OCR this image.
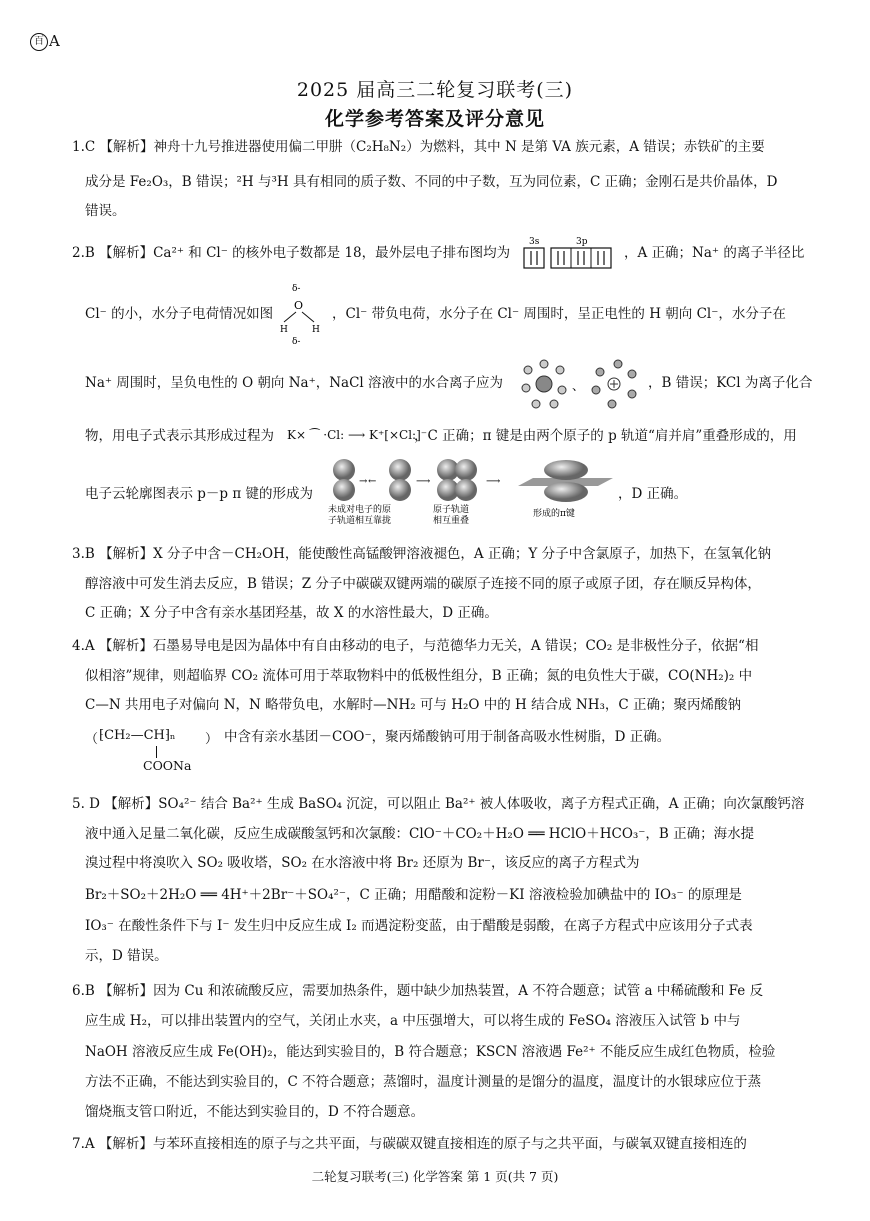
百 A
2025 届高三二轮复习联考(三)
化学参考答案及评分意见
1.C 【解析】神舟十九号推进器使用偏二甲肼（C₂H₈N₂）为燃料，其中 N 是第 VA 族元素，A 错误；赤铁矿的主要
成分是 Fe₂O₃，B 错误；²H 与³H 具有相同的质子数、不同的中子数，互为同位素，C 正确；金刚石是共价晶体，D
错误。
2.B 【解析】Ca²⁺ 和 Cl⁻ 的核外电子数都是 18，最外层电子排布图均为
3s	3p
，A 正确；Na⁺ 的离子半径比
Cl⁻ 的小，水分子电荷情况如图
δ-
O
H	H
δ-
，Cl⁻ 带负电荷，水分子在 Cl⁻ 周围时，呈正电性的 H 朝向 Cl⁻，水分子在
Na⁺ 周围时，呈负电性的 O 朝向 Na⁺，NaCl 溶液中的水合离子应为	、	，B 错误；KCl 为离子化合
物，用电子式表示其形成过程为	K× ⁀ ·Cl: ⟶ K⁺[×Cl:]⁻
，C 正确；π 键是由两个原子的 p 轨道“肩并肩”重叠形成的，用
电子云轮廓图表示 p－p π 键的形成为
→ ←	⟶	⟶
未成对电子的原
子轨道相互靠拢
原子轨道
相互重叠
形成的π键
，D 正确。
3.B 【解析】X 分子中含－CH₂OH，能使酸性高锰酸钾溶液褪色，A 正确；Y 分子中含氯原子，加热下，在氢氧化钠
醇溶液中可发生消去反应，B 错误；Z 分子中碳碳双键两端的碳原子连接不同的原子或原子团，存在顺反异构体，
C 正确；X 分子中含有亲水基团羟基，故 X 的水溶性最大，D 正确。
4.A 【解析】石墨易导电是因为晶体中有自由移动的电子，与范德华力无关，A 错误；CO₂ 是非极性分子，依据“相
似相溶”规律，则超临界 CO₂ 流体可用于萃取物料中的低极性组分，B 正确；氮的电负性大于碳，CO(NH₂)₂ 中
C—N 共用电子对偏向 N，N 略带负电，水解时—NH₂ 可与 H₂O 中的 H 结合成 NH₃，C 正确；聚丙烯酸钠
（ ⁅CH₂—CH⁆ₙ ）
COONa
中含有亲水基团－COO⁻，聚丙烯酸钠可用于制备高吸水性树脂，D 正确。
5. D 【解析】SO₄²⁻ 结合 Ba²⁺ 生成 BaSO₄ 沉淀，可以阻止 Ba²⁺ 被人体吸收，离子方程式正确，A 正确；向次氯酸钙溶
液中通入足量二氧化碳，反应生成碳酸氢钙和次氯酸：ClO⁻＋CO₂＋H₂O ══ HClO＋HCO₃⁻，B 正确；海水提
溴过程中将溴吹入 SO₂ 吸收塔，SO₂ 在水溶液中将 Br₂ 还原为 Br⁻，该反应的离子方程式为
Br₂＋SO₂＋2H₂O ══ 4H⁺＋2Br⁻＋SO₄²⁻，C 正确；用醋酸和淀粉－KI 溶液检验加碘盐中的 IO₃⁻ 的原理是
IO₃⁻ 在酸性条件下与 I⁻ 发生归中反应生成 I₂ 而遇淀粉变蓝，由于醋酸是弱酸，在离子方程式中应该用分子式表
示，D 错误。
6.B 【解析】因为 Cu 和浓硫酸反应，需要加热条件，题中缺少加热装置，A 不符合题意；试管 a 中稀硫酸和 Fe 反
应生成 H₂，可以排出装置内的空气，关闭止水夹，a 中压强增大，可以将生成的 FeSO₄ 溶液压入试管 b 中与
NaOH 溶液反应生成 Fe(OH)₂，能达到实验目的，B 符合题意；KSCN 溶液遇 Fe²⁺ 不能反应生成红色物质，检验
方法不正确，不能达到实验目的，C 不符合题意；蒸馏时，温度计测量的是馏分的温度，温度计的水银球应位于蒸
馏烧瓶支管口附近，不能达到实验目的，D 不符合题意。
7.A 【解析】与苯环直接相连的原子与之共平面，与碳碳双键直接相连的原子与之共平面，与碳氧双键直接相连的
二轮复习联考(三) 化学答案 第 1 页(共 7 页)
